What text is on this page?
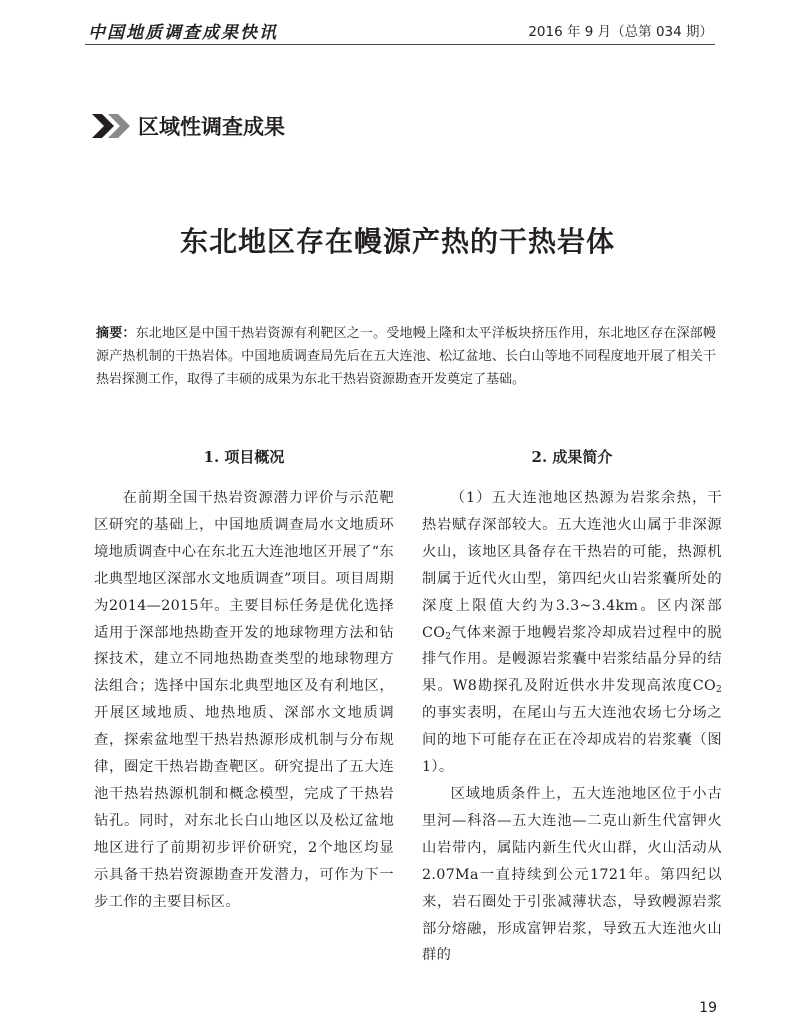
中国地质调查成果快讯	2016 年 9 月（总第 034 期）
区域性调查成果
东北地区存在幔源产热的干热岩体
摘要：东北地区是中国干热岩资源有利靶区之一。受地幔上隆和太平洋板块挤压作用，东北地区存在深部幔源产热机制的干热岩体。中国地质调查局先后在五大连池、松辽盆地、长白山等地不同程度地开展了相关干热岩探测工作，取得了丰硕的成果为东北干热岩资源勘查开发奠定了基础。
1. 项目概况

在前期全国干热岩资源潜力评价与示范靶区研究的基础上，中国地质调查局水文地质环境地质调查中心在东北五大连池地区开展了“东北典型地区深部水文地质调查”项目。项目周期为2014—2015年。主要目标任务是优化选择适用于深部地热勘查开发的地球物理方法和钻探技术，建立不同地热勘查类型的地球物理方法组合；选择中国东北典型地区及有利地区，开展区域地质、地热地质、深部水文地质调查，探索盆地型干热岩热源形成机制与分布规律，圈定干热岩勘查靶区。研究提出了五大连池干热岩热源机制和概念模型，完成了干热岩钻孔。同时，对东北长白山地区以及松辽盆地地区进行了前期初步评价研究，2个地区均显示具备干热岩资源勘查开发潜力，可作为下一步工作的主要目标区。

2. 成果简介

（1）五大连池地区热源为岩浆余热，干热岩赋存深部较大。五大连池火山属于非深源火山，该地区具备存在干热岩的可能，热源机制属于近代火山型，第四纪火山岩浆囊所处的深度上限值大约为3.3~3.4km。区内深部$CO_2$气体来源于地幔岩浆冷却成岩过程中的脱排气作用。是幔源岩浆囊中岩浆结晶分异的结果。W8勘探孔及附近供水井发现高浓度$CO_2$的事实表明，在尾山与五大连池农场七分场之间的地下可能存在正在冷却成岩的岩浆囊（图1）。

区域地质条件上，五大连池地区位于小古里河—科洛—五大连池—二克山新生代富钾火山岩带内，属陆内新生代火山群，火山活动从2.07Ma一直持续到公元1721年。第四纪以来，岩石圈处于引张减薄状态，导致幔源岩浆部分熔融，形成富钾岩浆，导致五大连池火山群的

19
